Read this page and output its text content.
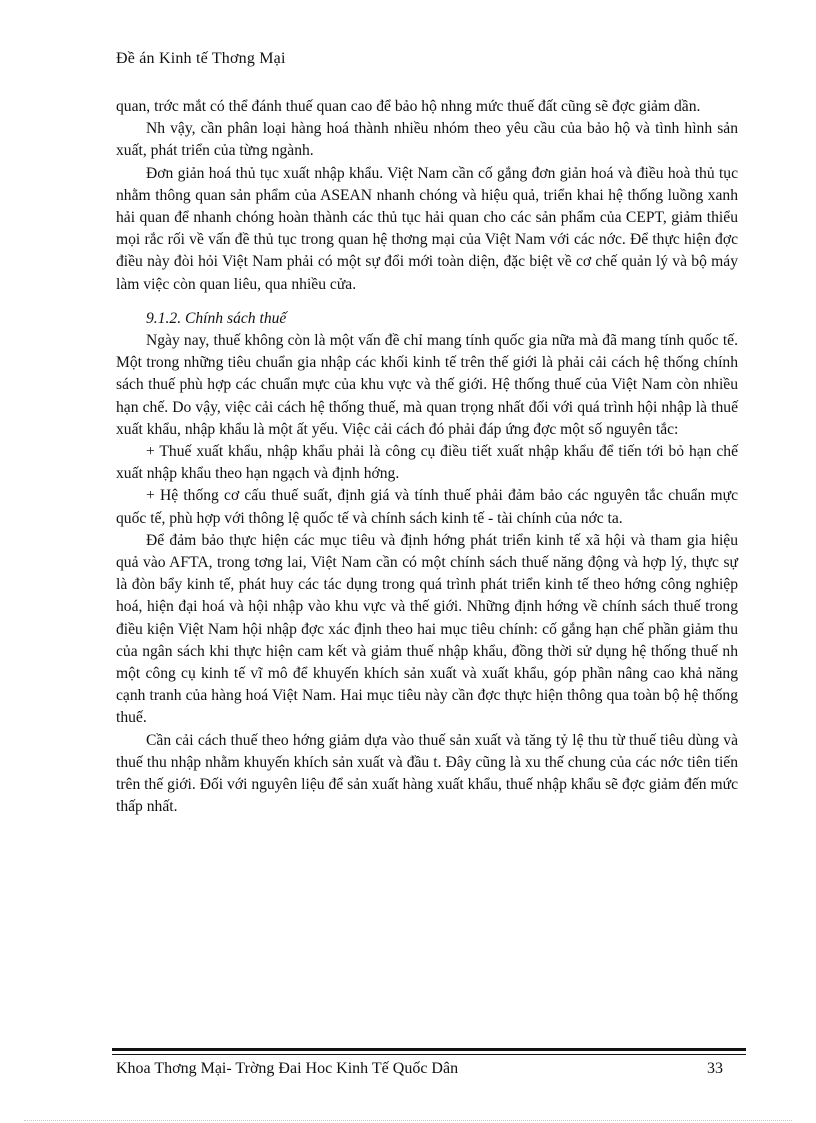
Đề án Kinh tế Thơng Mại

quan, trớc mắt có thể đánh thuế quan cao để bảo hộ nhng mức thuế đất cũng sẽ đợc giảm dần.

Nh vậy, cần phân loại hàng hoá thành nhiều nhóm theo yêu cầu của bảo hộ và tình hình sản xuất, phát triển của từng ngành.

Đơn giản hoá thủ tục xuất nhập khẩu. Việt Nam cần cố gắng đơn giản hoá và điều hoà thủ tục nhằm thông quan sản phẩm của ASEAN nhanh chóng và hiệu quả, triển khai hệ thống luồng xanh hải quan để nhanh chóng hoàn thành các thủ tục hải quan cho các sản phẩm của CEPT, giảm thiểu mọi rắc rối về vấn đề thủ tục trong quan hệ thơng mại của Việt Nam với các nớc. Để thực hiện đợc điều này đòi hỏi Việt Nam phải có một sự đổi mới toàn diện, đặc biệt về cơ chế quản lý và bộ máy làm việc còn quan liêu, qua nhiều cửa.

9.1.2. Chính sách thuế

Ngày nay, thuế không còn là một vấn đề chỉ mang tính quốc gia nữa mà đã mang tính quốc tế. Một trong những tiêu chuẩn gia nhập các khối kinh tế trên thế giới là phải cải cách hệ thống chính sách thuế phù hợp các chuẩn mực của khu vực và thế giới. Hệ thống thuế của Việt Nam còn nhiều hạn chế. Do vậy, việc cải cách hệ thống thuế, mà quan trọng nhất đối với quá trình hội nhập là thuế xuất khẩu, nhập khẩu là một ất yếu. Việc cải cách đó phải đáp ứng đợc một số nguyên tắc:

+ Thuế xuất khẩu, nhập khẩu phải là công cụ điều tiết xuất nhập khẩu để tiến tới bỏ hạn chế xuất nhập khẩu theo hạn ngạch và định hớng.

+ Hệ thống cơ cấu thuế suất, định giá và tính thuế phải đảm bảo các nguyên tắc chuẩn mực quốc tế, phù hợp với thông lệ quốc tế và chính sách kinh tế - tài chính của nớc ta.

Để đảm bảo thực hiện các mục tiêu và định hớng phát triển kinh tế xã hội và tham gia hiệu quả vào AFTA, trong tơng lai, Việt Nam cần có một chính sách thuế năng động và hợp lý, thực sự là đòn bẩy kinh tế, phát huy các tác dụng trong quá trình phát triển kinh tế theo hớng công nghiệp hoá, hiện đại hoá và hội nhập vào khu vực và thế giới. Những định hớng về chính sách thuế trong điều kiện Việt Nam hội nhập đợc xác định theo hai mục tiêu chính: cố gắng hạn chế phần giảm thu của ngân sách khi thực hiện cam kết và giảm thuế nhập khẩu, đồng thời sử dụng hệ thống thuế nh một công cụ kinh tế vĩ mô để khuyến khích sản xuất và xuất khẩu, góp phần nâng cao khả năng cạnh tranh của hàng hoá Việt Nam. Hai mục tiêu này cần đợc thực hiện thông qua toàn bộ hệ thống thuế.

Cần cải cách thuế theo hớng giảm dựa vào thuế sản xuất và tăng tỷ lệ thu từ thuế tiêu dùng và thuế thu nhập nhằm khuyến khích sản xuất và đầu t. Đây cũng là xu thế chung của các nớc tiên tiến trên thế giới. Đối với nguyên liệu để sản xuất hàng xuất khẩu, thuế nhập khẩu sẽ đợc giảm đến mức thấp nhất.

Khoa Thơng Mại- Trờng Đai Hoc Kinh Tế Quốc Dân	33
